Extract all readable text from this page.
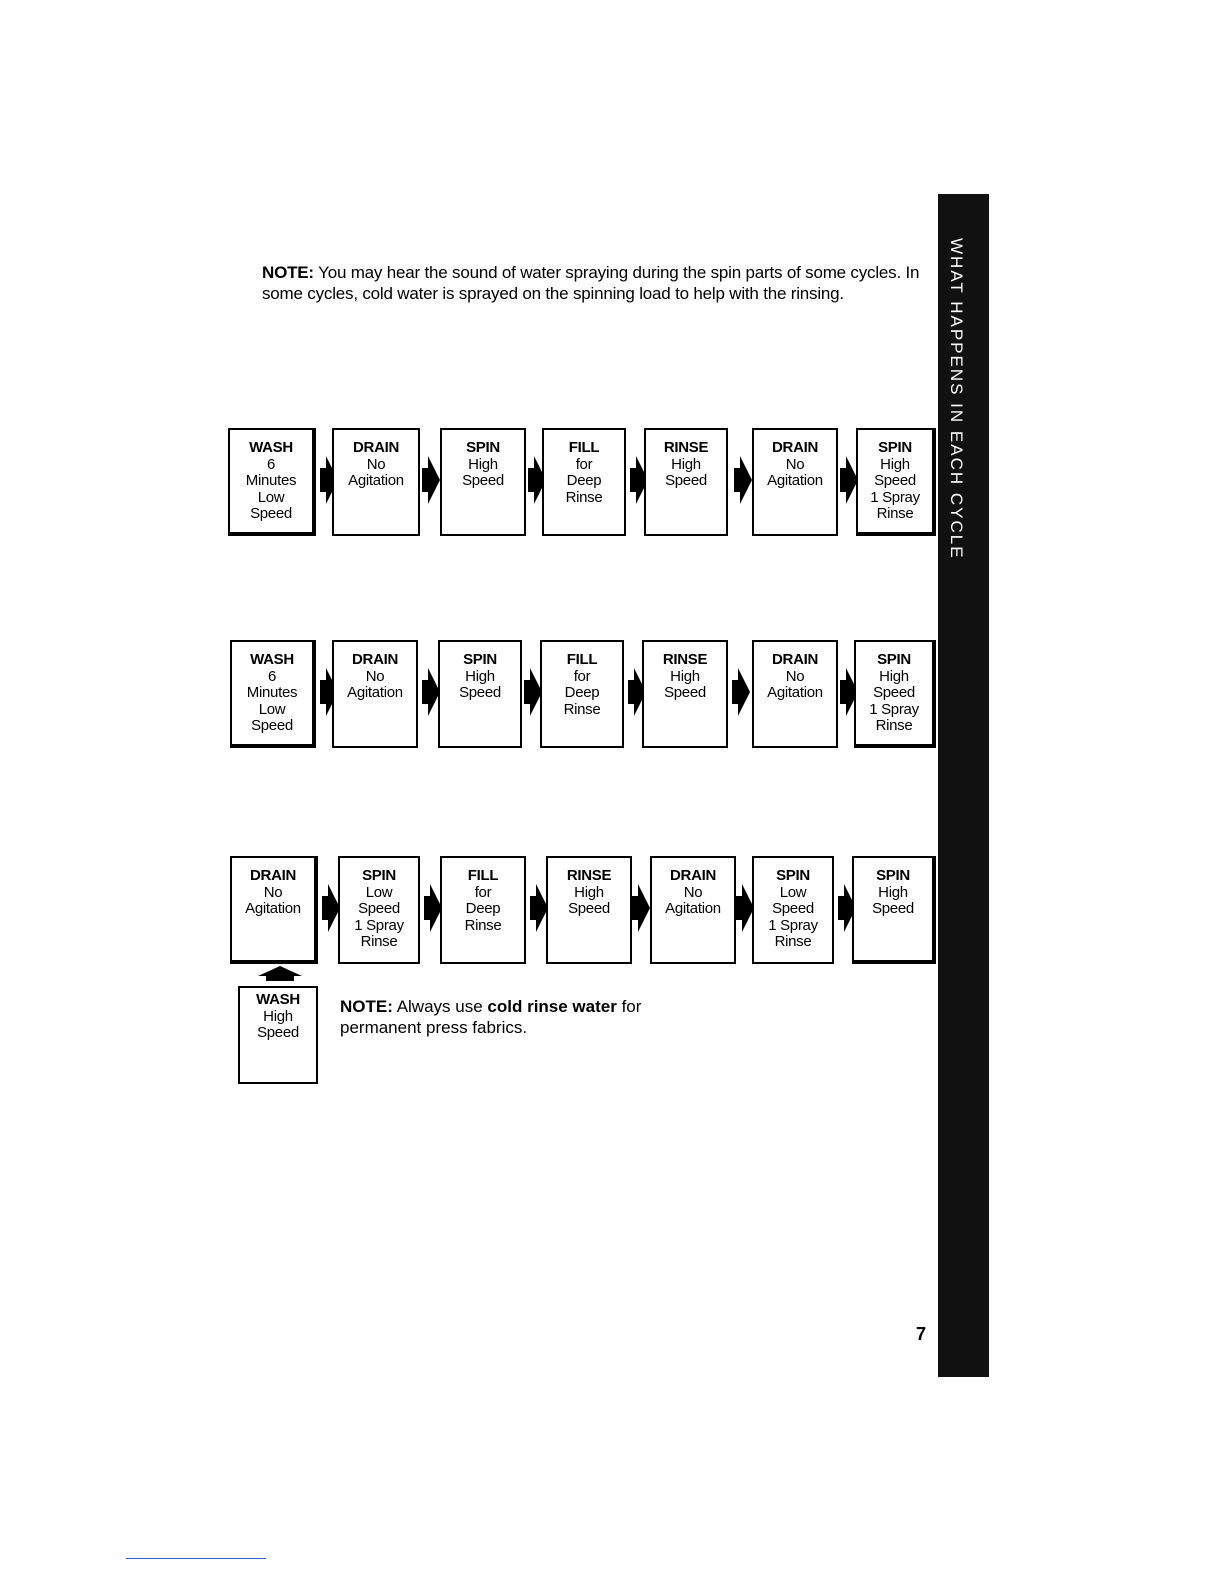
NOTE: You may hear the sound of water spraying during the spin parts of some cycles. In some cycles, cold water is sprayed on the spinning load to help with the rinsing.	WHAT HAPPENS IN EACH CYCLE
WASH
6
Minutes
Low
Speed
DRAIN
No
Agitation
SPIN
High
Speed
FILL
for
Deep
Rinse
RINSE
High
Speed
DRAIN
No
Agitation
SPIN
High
Speed
1 Spray
Rinse
WASH
6
Minutes
Low
Speed
DRAIN
No
Agitation
SPIN
High
Speed
FILL
for
Deep
Rinse
RINSE
High
Speed
DRAIN
No
Agitation
SPIN
High
Speed
1 Spray
Rinse
DRAIN
No
Agitation
SPIN
Low
Speed
1 Spray
Rinse
FILL
for
Deep
Rinse
RINSE
High
Speed
DRAIN
No
Agitation
SPIN
Low
Speed
1 Spray
Rinse
SPIN
High
Speed
WASH
High
Speed

NOTE: Always use cold rinse water for permanent press fabrics.

7
